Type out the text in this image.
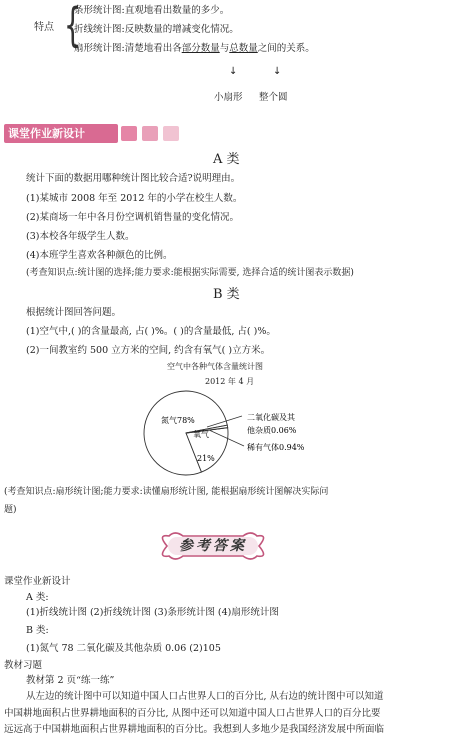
特点 {
条形统计图:直观地看出数量的多少。
折线统计图:反映数量的增减变化情况。
扇形统计图:清楚地看出各部分数量与总数量之间的关系。
↓	↓
小扇形 整个圆
课堂作业新设计
A 类
统计下面的数据用哪种统计图比较合适?说明理由。
(1)某城市 2008 年至 2012 年的小学在校生人数。
(2)某商场一年中各月份空调机销售量的变化情况。
(3)本校各年级学生人数。
(4)本班学生喜欢各种颜色的比例。
(考查知识点:统计图的选择;能力要求:能根据实际需要, 选择合适的统计图表示数据)
B 类
根据统计图回答问题。
(1)空气中,( )的含量最高, 占( )%。( )的含量最低, 占( )%。
(2)一间教室约 500 立方米的空间, 约含有氧气( )立方米。
空气中各种气体含量统计图
2012 年 4 月
氮气78%
氧气
21%
二氧化碳及其
他杂质0.06%
稀有气体0.94%
(考查知识点:扇形统计图;能力要求:读懂扇形统计图, 能根据扇形统计图解决实际问
题)
参考答案
课堂作业新设计
A 类:
(1)折线统计图 (2)折线统计图 (3)条形统计图 (4)扇形统计图
B 类:
(1)氮气 78 二氧化碳及其他杂质 0.06 (2)105
教材习题
教材第 2 页“练一练”
从左边的统计图中可以知道中国人口占世界人口的百分比, 从右边的统计图中可以知道
中国耕地面积占世界耕地面积的百分比, 从图中还可以知道中国人口占世界人口的百分比要
远远高于中国耕地面积占世界耕地面积的百分比。我想到人多地少是我国经济发展中所面临
